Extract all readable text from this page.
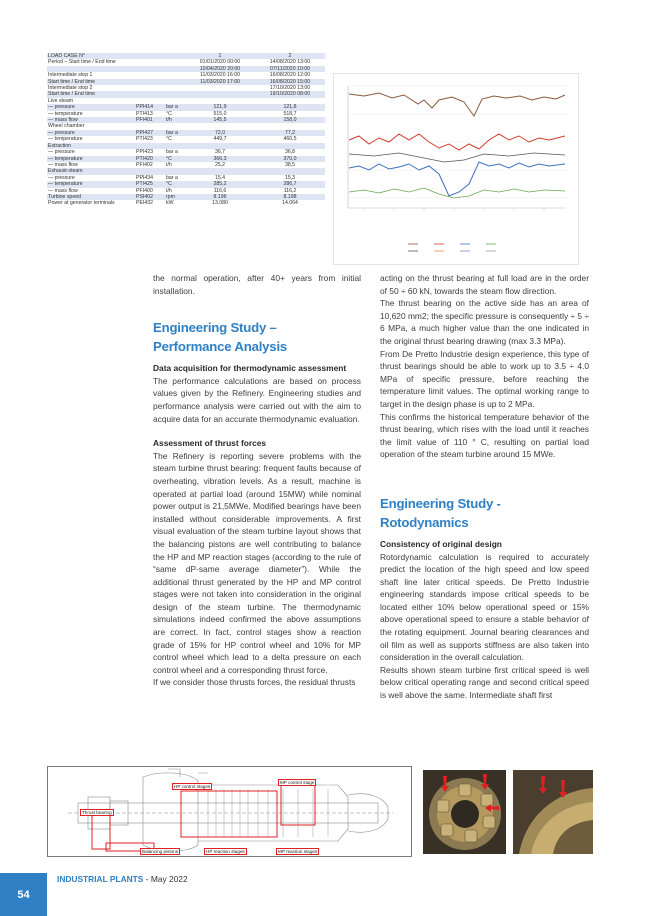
LOAD CASE N°			1	2
Period – Start time / End time			01/01/2020 00:00	14/08/2020 13:00
			10/04/2020 20:00	07/11/2020 10:00
Intermediate stop 1			11/03/2020 16:00	16/08/2020 12:00
Start time / End time			11/03/2020 17:00	16/08/2020 15:00
Intermediate stop 2				17/10/2020 13:00
Start time / End time				19/10/2020 08:00
Live steam				
— pressure	PPI414	bar a	121,9	121,8
— temperature	PTI413	°C	515,0	518,7
— mass flow	PFI401	t/h	145,5	158,0
Wheel chamber				
— pressure	PPI427	bar a	72,0	77,2
— temperature	PTI423	°C	449,7	460,5
Extraction				
— pressure	PPI423	bar a	36,7	36,8
— temperature	PTI420	°C	366,3	370,0
— mass flow	PFI402	t/h	25,2	38,5
Exhaust-steam				
— pressure	PPI434	bar a	15,4	15,3
— temperature	PTI425	°C	285,2	286,7
— mass flow	PFI400	t/h	116,6	116,2
Turbine speed	PSI402	rpm	8.196	8.198
Power at generator terminals	PEI432	kW	13.080	14.064

the normal operation, after 40+ years from initial installation.

Engineering Study –
Performance Analysis
Data acquisition for thermodynamic assessment

The performance calculations are based on process values given by the Refinery. Engineering studies and performance analysis were carried out with the aim to acquire data for an accurate thermodynamic evaluation.

Assessment of thrust forces

The Refinery is reporting severe problems with the steam turbine thrust bearing: frequent faults because of overheating, vibration levels. As a result, machine is operated at partial load (around 15MW) while nominal power output is 21,5MWe. Modified bearings have been installed without considerable improvements. A first visual evaluation of the steam turbine layout shows that the balancing pistons are well contributing to balance the HP and MP reaction stages (according to the rule of “same dP-same average diameter”). While the additional thrust generated by the HP and MP control stages were not taken into consideration in the original design of the steam turbine. The thermodynamic simulations indeed confirmed the above assumptions are correct. In fact, control stages show a reaction grade of 15% for HP control wheel and 10% for MP control wheel which lead to a delta pressure on each control wheel and a corresponding thrust force.

If we consider those thrusts forces, the residual thrusts

acting on the thrust bearing at full load are in the order of 50 ÷ 60 kN, towards the steam flow direction.

The thrust bearing on the active side has an area of 10,620 mm2; the specific pressure is consequently ÷ 5 ÷ 6 MPa, a much higher value than the one indicated in the original thrust bearing drawing (max 3.3 MPa).

From De Pretto Industrie design experience, this type of thrust bearings should be able to work up to 3.5 ÷ 4.0 MPa of specific pressure, before reaching the temperature limit values. The optimal working range to target in the design phase is up to 2 MPa.

This confirms the historical temperature behavior of the thrust bearing, which rises with the load until it reaches the limit value of 110 ° C, resulting on partial load operation of the steam turbine around 15 MWe.

Engineering Study -
Rotodynamics
Consistency of original design

Rotordynamic calculation is required to accurately predict the location of the high speed and low speed shaft line later critical speeds. De Pretto Industrie engineering standards impose critical speeds to be located either 10% below operational speed or 15% above operational speed to ensure a stable behavior of the rotating equipment. Journal bearing clearances and oil film as well as supports stiffness are also taken into consideration in the overall calculation.

Results shown steam turbine first critical speed is well below critical operating range and second critical speed is well above the same. Intermediate shaft first

Thrust bearing
HP control stages
MP control stage
Balancing pistons	HP reaction stages	MP reaction stages
54
INDUSTRIAL PLANTS - May 2022
